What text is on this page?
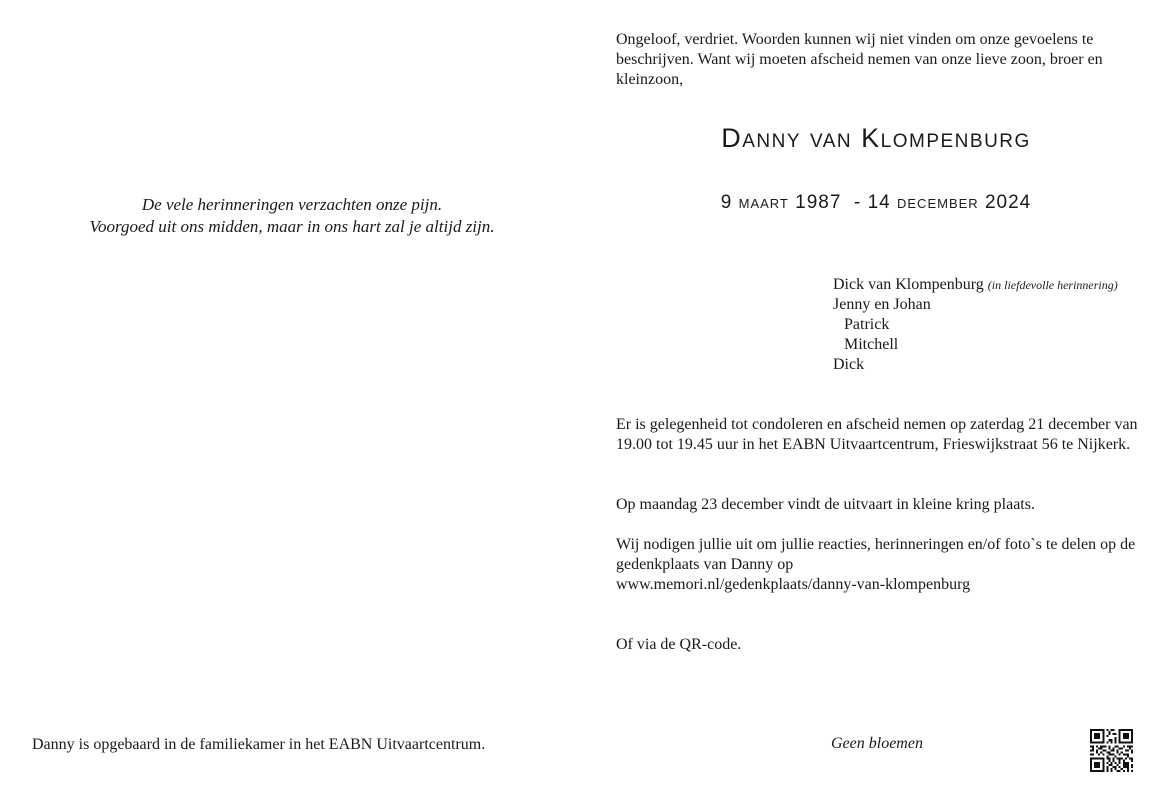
De vele herinneringen verzachten onze pijn.
Voorgoed uit ons midden, maar in ons hart zal je altijd zijn.
Danny is opgebaard in de familiekamer in het EABN Uitvaartcentrum.
Ongeloof, verdriet. Woorden kunnen wij niet vinden om onze gevoelens te beschrijven. Want wij moeten afscheid nemen van onze lieve zoon, broer en kleinzoon,
Danny van Klompenburg
9 maart 1987  - 14 december 2024
Dick van Klompenburg (in liefdevolle herinnering)
Jenny en Johan
Patrick
Mitchell
Dick
Er is gelegenheid tot condoleren en afscheid nemen op zaterdag 21 december van 19.00 tot 19.45 uur in het EABN Uitvaartcentrum, Frieswijkstraat 56 te Nijkerk.
Op maandag 23 december vindt de uitvaart in kleine kring plaats.
Wij nodigen jullie uit om jullie reacties, herinneringen en/of foto`s te delen op de gedenkplaats van Danny op
www.memori.nl/gedenkplaats/danny-van-klompenburg
Of via de QR-code.
Geen bloemen
